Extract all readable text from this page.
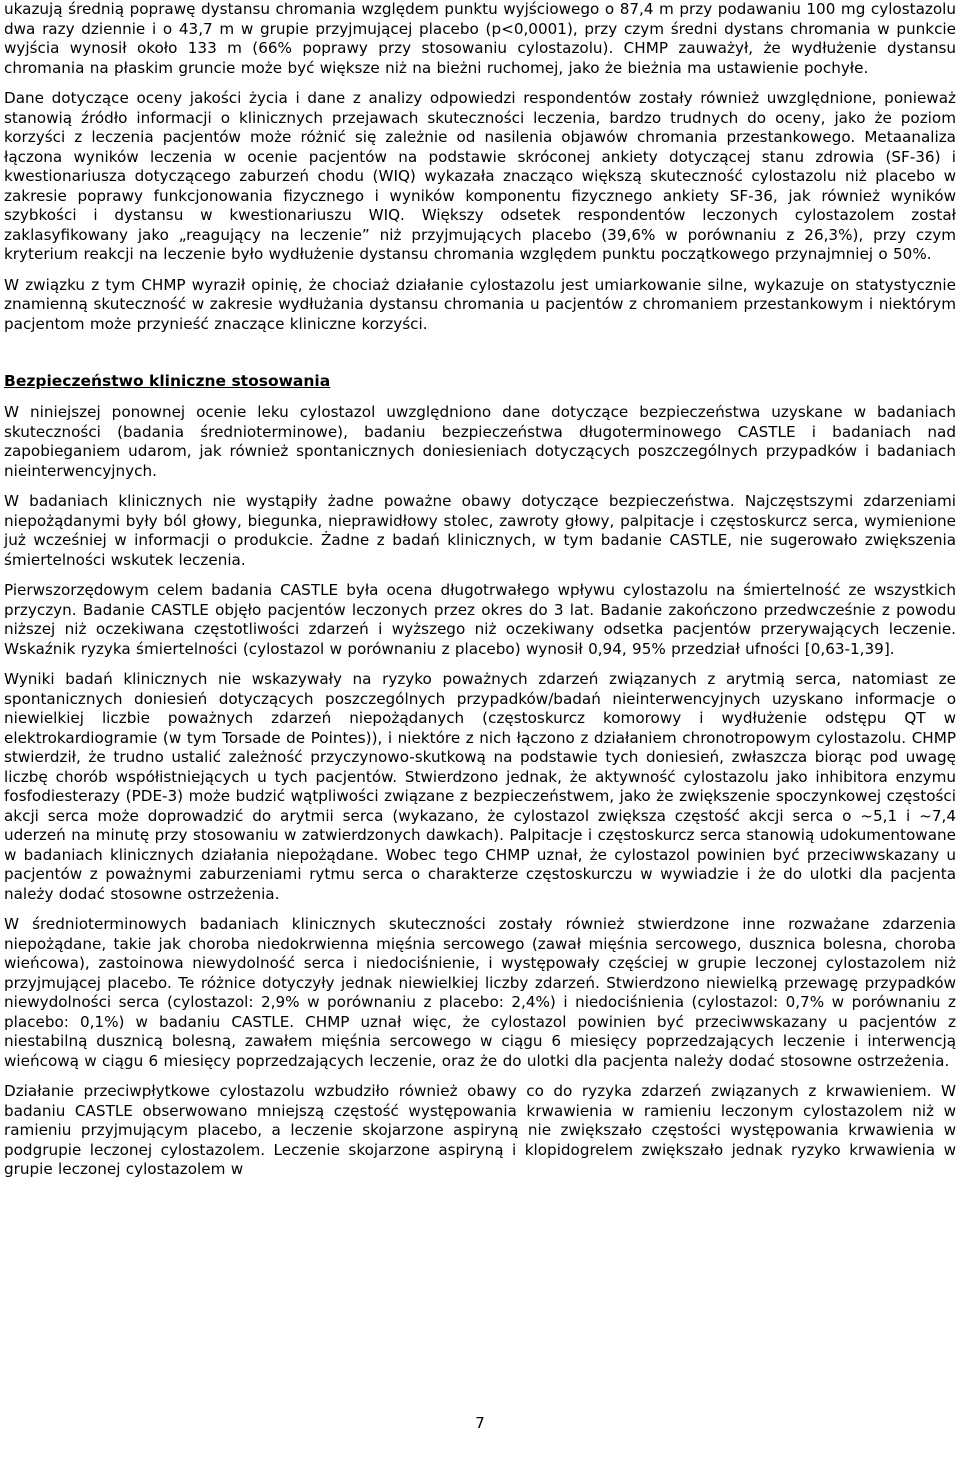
ukazują średnią poprawę dystansu chromania względem punktu wyjściowego o 87,4 m przy podawaniu 100 mg cylostazolu dwa razy dziennie i o 43,7 m w grupie przyjmującej placebo (p<0,0001), przy czym średni dystans chromania w punkcie wyjścia wynosił około 133 m (66% poprawy przy stosowaniu cylostazolu). CHMP zauważył, że wydłużenie dystansu chromania na płaskim gruncie może być większe niż na bieżni ruchomej, jako że bieżnia ma ustawienie pochyłe.

Dane dotyczące oceny jakości życia i dane z analizy odpowiedzi respondentów zostały również uwzględnione, ponieważ stanowią źródło informacji o klinicznych przejawach skuteczności leczenia, bardzo trudnych do oceny, jako że poziom korzyści z leczenia pacjentów może różnić się zależnie od nasilenia objawów chromania przestankowego. Metaanaliza łączona wyników leczenia w ocenie pacjentów na podstawie skróconej ankiety dotyczącej stanu zdrowia (SF-36) i kwestionariusza dotyczącego zaburzeń chodu (WIQ) wykazała znacząco większą skuteczność cylostazolu niż placebo w zakresie poprawy funkcjonowania fizycznego i wyników komponentu fizycznego ankiety SF-36, jak również wyników szybkości i dystansu w kwestionariuszu WIQ. Większy odsetek respondentów leczonych cylostazolem został zaklasyfikowany jako „reagujący na leczenie” niż przyjmujących placebo (39,6% w porównaniu z 26,3%), przy czym kryterium reakcji na leczenie było wydłużenie dystansu chromania względem punktu początkowego przynajmniej o 50%.

W związku z tym CHMP wyraził opinię, że chociaż działanie cylostazolu jest umiarkowanie silne, wykazuje on statystycznie znamienną skuteczność w zakresie wydłużania dystansu chromania u pacjentów z chromaniem przestankowym i niektórym pacjentom może przynieść znaczące kliniczne korzyści.

Bezpieczeństwo kliniczne stosowania

W niniejszej ponownej ocenie leku cylostazol uwzględniono dane dotyczące bezpieczeństwa uzyskane w badaniach skuteczności (badania średnioterminowe), badaniu bezpieczeństwa długoterminowego CASTLE i badaniach nad zapobieganiem udarom, jak również spontanicznych doniesieniach dotyczących poszczególnych przypadków i badaniach nieinterwencyjnych.

W badaniach klinicznych nie wystąpiły żadne poważne obawy dotyczące bezpieczeństwa. Najczęstszymi zdarzeniami niepożądanymi były ból głowy, biegunka, nieprawidłowy stolec, zawroty głowy, palpitacje i częstoskurcz serca, wymienione już wcześniej w informacji o produkcie. Żadne z badań klinicznych, w tym badanie CASTLE, nie sugerowało zwiększenia śmiertelności wskutek leczenia.

Pierwszorzędowym celem badania CASTLE była ocena długotrwałego wpływu cylostazolu na śmiertelność ze wszystkich przyczyn. Badanie CASTLE objęło pacjentów leczonych przez okres do 3 lat. Badanie zakończono przedwcześnie z powodu niższej niż oczekiwana częstotliwości zdarzeń i wyższego niż oczekiwany odsetka pacjentów przerywających leczenie. Wskaźnik ryzyka śmiertelności (cylostazol w porównaniu z placebo) wynosił 0,94, 95% przedział ufności [0,63-1,39].

Wyniki badań klinicznych nie wskazywały na ryzyko poważnych zdarzeń związanych z arytmią serca, natomiast ze spontanicznych doniesień dotyczących poszczególnych przypadków/badań nieinterwencyjnych uzyskano informacje o niewielkiej liczbie poważnych zdarzeń niepożądanych (częstoskurcz komorowy i wydłużenie odstępu QT w elektrokardiogramie (w tym Torsade de Pointes)), i niektóre z nich łączono z działaniem chronotropowym cylostazolu. CHMP stwierdził, że trudno ustalić zależność przyczynowo-skutkową na podstawie tych doniesień, zwłaszcza biorąc pod uwagę liczbę chorób współistniejących u tych pacjentów. Stwierdzono jednak, że aktywność cylostazolu jako inhibitora enzymu fosfodiesterazy (PDE-3) może budzić wątpliwości związane z bezpieczeństwem, jako że zwiększenie spoczynkowej częstości akcji serca może doprowadzić do arytmii serca (wykazano, że cylostazol zwiększa częstość akcji serca o ~5,1 i ~7,4 uderzeń na minutę przy stosowaniu w zatwierdzonych dawkach). Palpitacje i częstoskurcz serca stanowią udokumentowane w badaniach klinicznych działania niepożądane. Wobec tego CHMP uznał, że cylostazol powinien być przeciwwskazany u pacjentów z poważnymi zaburzeniami rytmu serca o charakterze częstoskurczu w wywiadzie i że do ulotki dla pacjenta należy dodać stosowne ostrzeżenia.

W średnioterminowych badaniach klinicznych skuteczności zostały również stwierdzone inne rozważane zdarzenia niepożądane, takie jak choroba niedokrwienna mięśnia sercowego (zawał mięśnia sercowego, dusznica bolesna, choroba wieńcowa), zastoinowa niewydolność serca i niedociśnienie, i występowały częściej w grupie leczonej cylostazolem niż przyjmującej placebo. Te różnice dotyczyły jednak niewielkiej liczby zdarzeń. Stwierdzono niewielką przewagę przypadków niewydolności serca (cylostazol: 2,9% w porównaniu z placebo: 2,4%) i niedociśnienia (cylostazol: 0,7% w porównaniu z placebo: 0,1%) w badaniu CASTLE. CHMP uznał więc, że cylostazol powinien być przeciwwskazany u pacjentów z niestabilną dusznicą bolesną, zawałem mięśnia sercowego w ciągu 6 miesięcy poprzedzających leczenie i interwencją wieńcową w ciągu 6 miesięcy poprzedzających leczenie, oraz że do ulotki dla pacjenta należy dodać stosowne ostrzeżenia.

Działanie przeciwpłytkowe cylostazolu wzbudziło również obawy co do ryzyka zdarzeń związanych z krwawieniem. W badaniu CASTLE obserwowano mniejszą częstość występowania krwawienia w ramieniu leczonym cylostazolem niż w ramieniu przyjmującym placebo, a leczenie skojarzone aspiryną nie zwiększało częstości występowania krwawienia w podgrupie leczonej cylostazolem. Leczenie skojarzone aspiryną i klopidogrelem zwiększało jednak ryzyko krwawienia w grupie leczonej cylostazolem w

7
